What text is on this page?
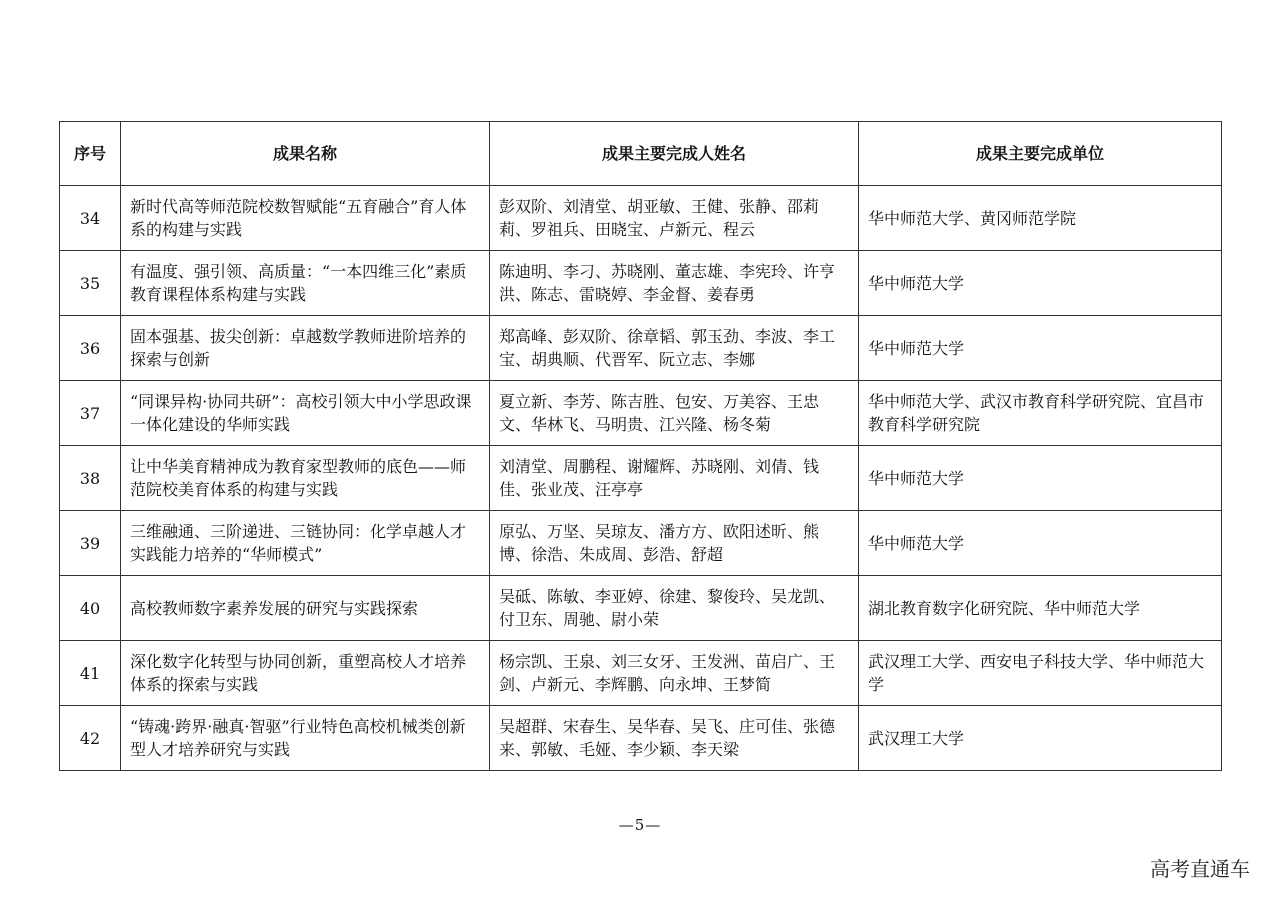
序号	成果名称	成果主要完成人姓名	成果主要完成单位
34	新时代高等师范院校数智赋能“五育融合”育人体系的构建与实践	彭双阶、刘清堂、胡亚敏、王健、张静、邵莉莉、罗祖兵、田晓宝、卢新元、程云	华中师范大学、黄冈师范学院
35	有温度、强引领、高质量：“一本四维三化”素质教育课程体系构建与实践	陈迪明、李刁、苏晓刚、董志雄、李宪玲、许亨洪、陈志、雷晓婷、李金督、姜春勇	华中师范大学
36	固本强基、拔尖创新：卓越数学教师进阶培养的探索与创新	郑高峰、彭双阶、徐章韬、郭玉劲、李波、李工宝、胡典顺、代晋军、阮立志、李娜	华中师范大学
37	“同课异构·协同共研”：高校引领大中小学思政课一体化建设的华师实践	夏立新、李芳、陈吉胜、包安、万美容、王忠文、华林飞、马明贵、江兴隆、杨冬菊	华中师范大学、武汉市教育科学研究院、宜昌市教育科学研究院
38	让中华美育精神成为教育家型教师的底色——师范院校美育体系的构建与实践	刘清堂、周鹏程、谢耀辉、苏晓刚、刘倩、钱佳、张业茂、汪亭亭	华中师范大学
39	三维融通、三阶递进、三链协同：化学卓越人才实践能力培养的“华师模式”	原弘、万坚、吴琼友、潘方方、欧阳述昕、熊博、徐浩、朱成周、彭浩、舒超	华中师范大学
40	高校教师数字素养发展的研究与实践探索	吴砥、陈敏、李亚婷、徐建、黎俊玲、吴龙凯、付卫东、周驰、尉小荣	湖北教育数字化研究院、华中师范大学
41	深化数字化转型与协同创新，重塑高校人才培养体系的探索与实践	杨宗凯、王泉、刘三女牙、王发洲、苗启广、王剑、卢新元、李辉鹏、向永坤、王梦简	武汉理工大学、西安电子科技大学、华中师范大学
42	“铸魂·跨界·融真·智驱”行业特色高校机械类创新型人才培养研究与实践	吴超群、宋春生、吴华春、吴飞、庄可佳、张德来、郭敏、毛娅、李少颖、李天梁	武汉理工大学
—5—
高考直通车
